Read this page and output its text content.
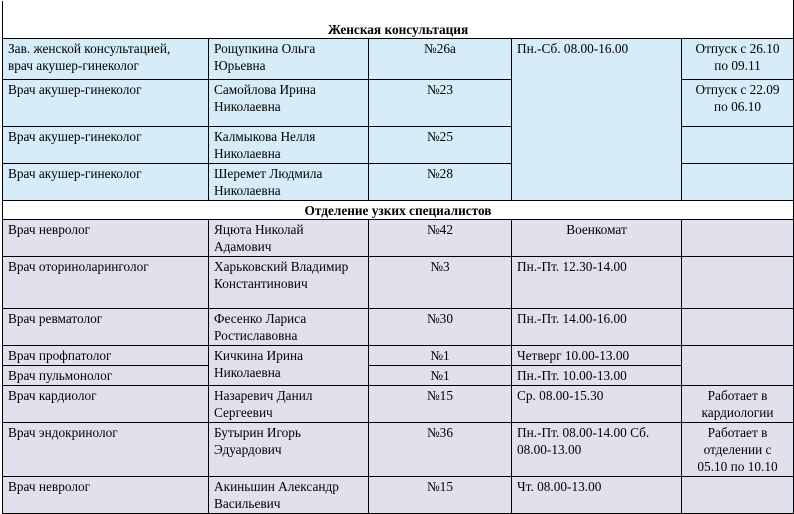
Женская консультация				
Зав. женской консультацией,
врач акушер-гинеколог	Рощупкина Ольга Юрьевна	№26а	Пн.-Сб. 08.00-16.00	Отпуск с 26.10 по 09.11
Врач акушер-гинеколог	Самойлова Ирина Николаевна	№23		Отпуск с 22.09 по 06.10
Врач акушер-гинеколог	Калмыкова Нелля Николаевна	№25		
Врач акушер-гинеколог	Шеремет Людмила Николаевна	№28		
Отделение узких специалистов				
Врач невролог	Яцюта Николай Адамович	№42	Военкомат	
Врач оториноларинголог	Харьковский Владимир Константинович	№3	Пн.-Пт. 12.30-14.00	
Врач ревматолог	Фесенко Лариса Ростиславовна	№30	Пн.-Пт. 14.00-16.00	
Врач профпатолог	Кичкина Ирина Николаевна	№1	Четверг 10.00-13.00	
Врач пульмонолог		№1	Пн.-Пт. 10.00-13.00	
Врач кардиолог	Назаревич Данил Сергеевич	№15	Ср. 08.00-15.30	Работает в кардиологии
Врач эндокринолог	Бутырин Игорь Эдуардович	№36	Пн.-Пт. 08.00-14.00 Сб. 08.00-13.00	Работает в отделении с 05.10 по 10.10
Врач невролог	Акиньшин Александр Васильевич	№15	Чт. 08.00-13.00	
